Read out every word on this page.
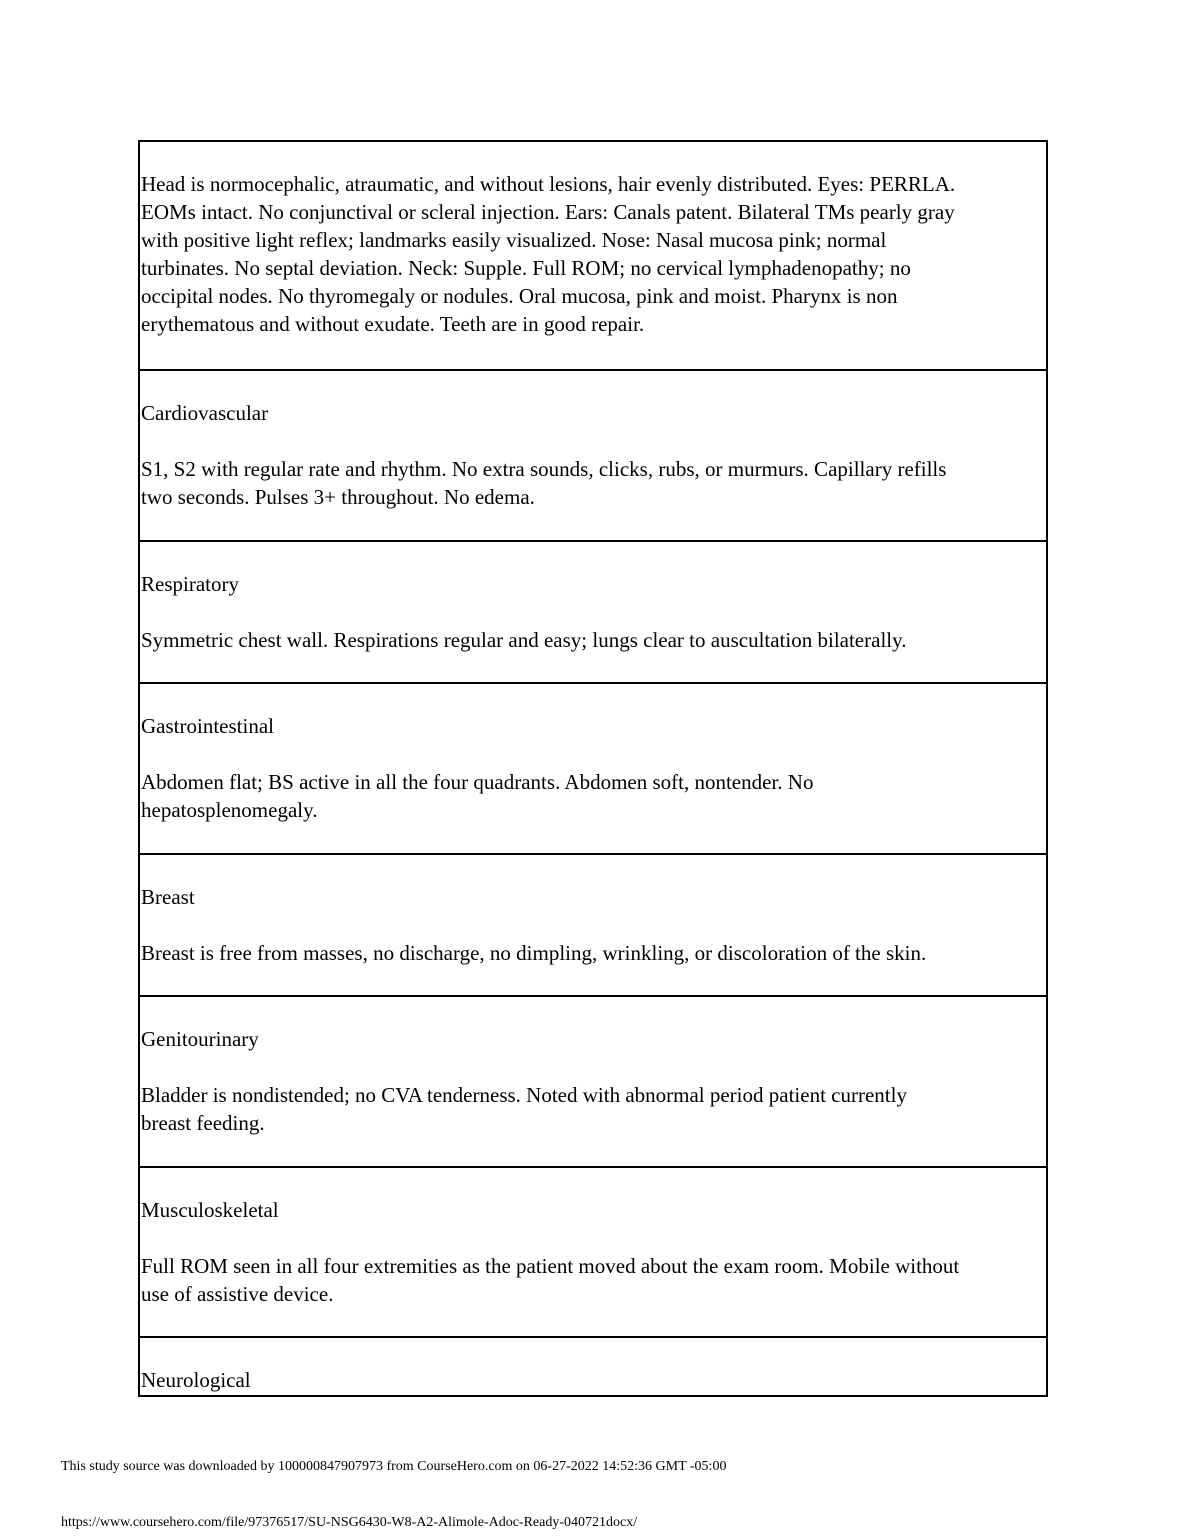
Head is normocephalic, atraumatic, and without lesions, hair evenly distributed. Eyes: PERRLA.
EOMs intact. No conjunctival or scleral injection. Ears: Canals patent. Bilateral TMs pearly gray
with positive light reflex; landmarks easily visualized. Nose: Nasal mucosa pink; normal
turbinates. No septal deviation. Neck: Supple. Full ROM; no cervical lymphadenopathy; no
occipital nodes. No thyromegaly or nodules. Oral mucosa, pink and moist. Pharynx is non
erythematous and without exudate. Teeth are in good repair.
Cardiovascular
S1, S2 with regular rate and rhythm. No extra sounds, clicks, rubs, or murmurs. Capillary refills
two seconds. Pulses 3+ throughout. No edema.
Respiratory
Symmetric chest wall. Respirations regular and easy; lungs clear to auscultation bilaterally.
Gastrointestinal
Abdomen flat; BS active in all the four quadrants. Abdomen soft, nontender. No
hepatosplenomegaly.
Breast
Breast is free from masses, no discharge, no dimpling, wrinkling, or discoloration of the skin.
Genitourinary
Bladder is nondistended; no CVA tenderness. Noted with abnormal period patient currently
breast feeding.
Musculoskeletal
Full ROM seen in all four extremities as the patient moved about the exam room. Mobile without
use of assistive device.
Neurological
This study source was downloaded by 100000847907973 from CourseHero.com on 06-27-2022 14:52:36 GMT -05:00
https://www.coursehero.com/file/97376517/SU-NSG6430-W8-A2-Alimole-Adoc-Ready-040721docx/
